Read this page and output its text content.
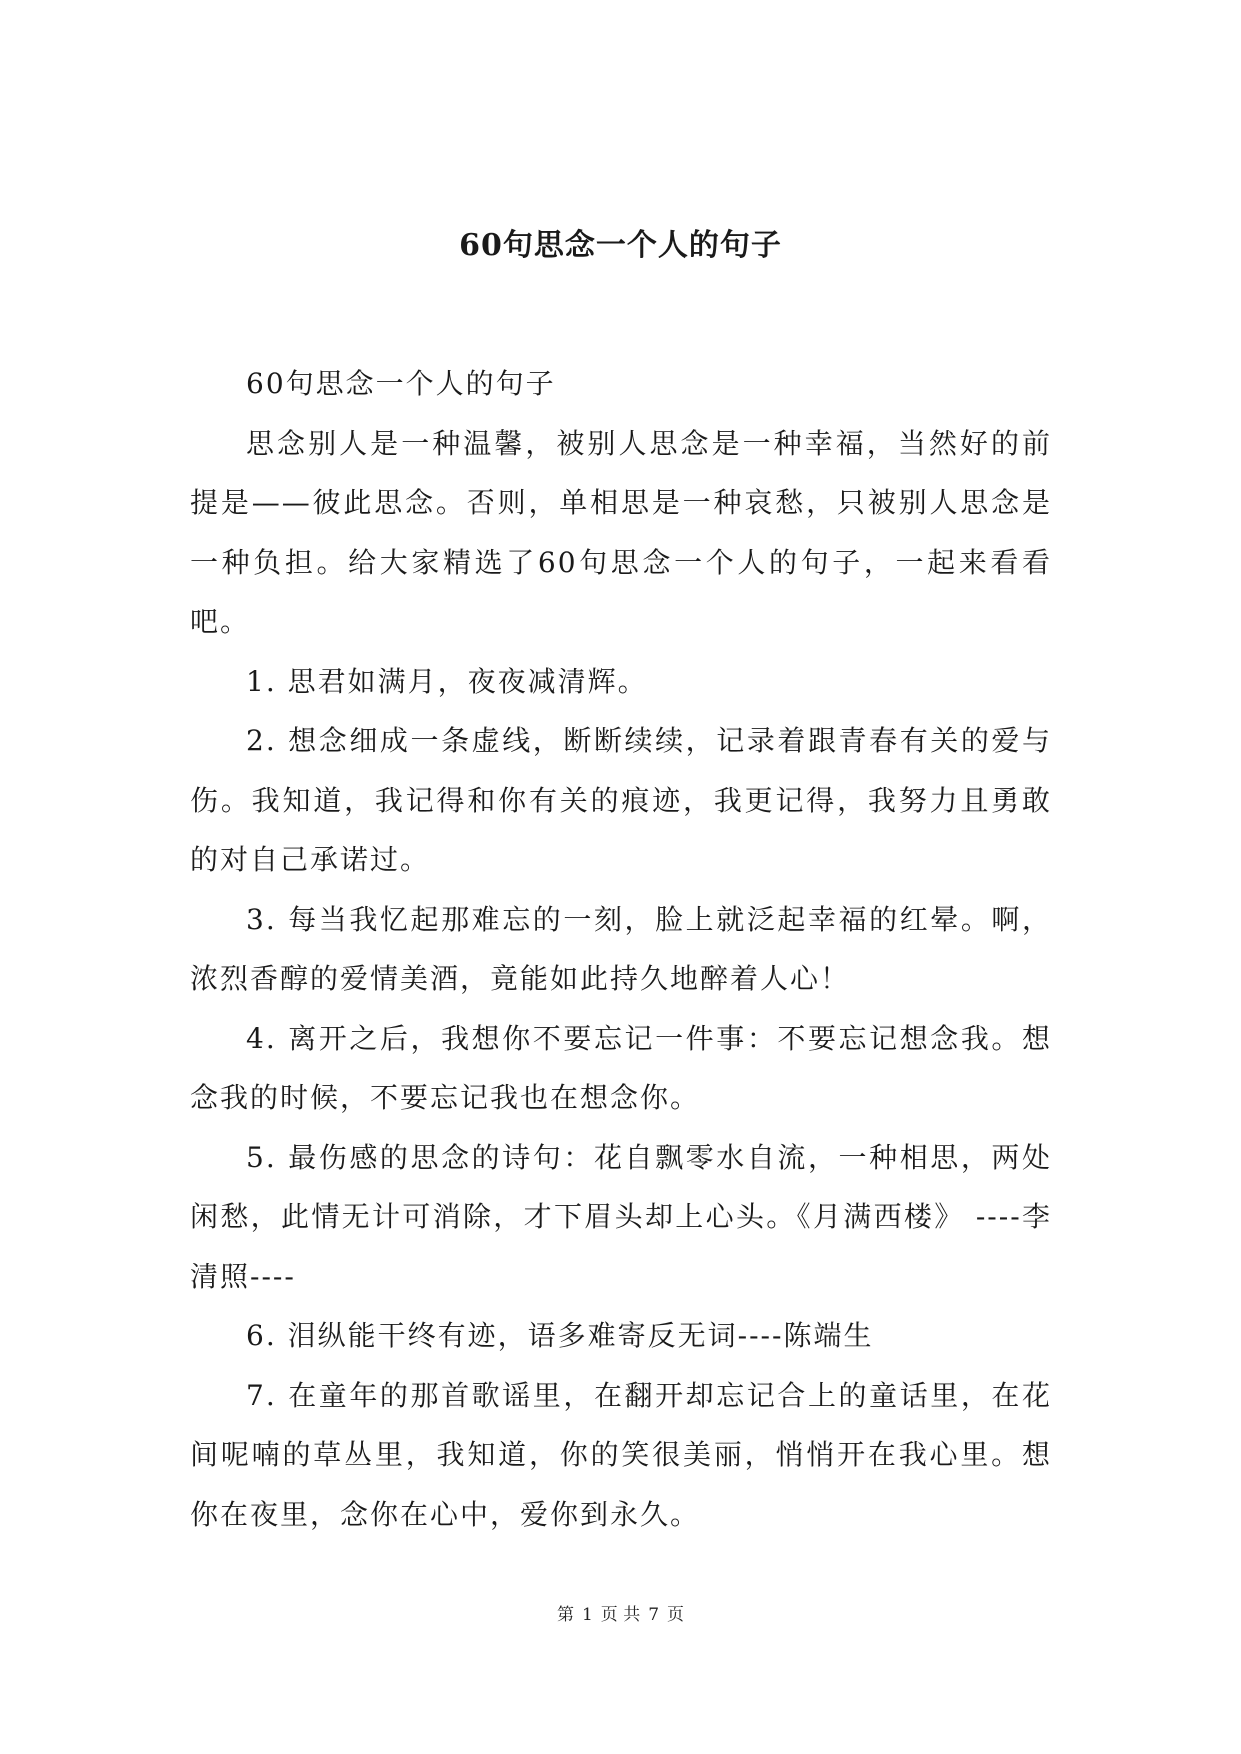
60句思念一个人的句子

60句思念一个人的句子

思念别人是一种温馨，被别人思念是一种幸福，当然好的前提是——彼此思念。否则，单相思是一种哀愁，只被别人思念是一种负担。给大家精选了60句思念一个人的句子，一起来看看吧。

1. 思君如满月，夜夜减清辉。

2. 想念细成一条虚线，断断续续，记录着跟青春有关的爱与伤。我知道，我记得和你有关的痕迹，我更记得，我努力且勇敢的对自己承诺过。

3. 每当我忆起那难忘的一刻，脸上就泛起幸福的红晕。啊，浓烈香醇的爱情美酒，竟能如此持久地醉着人心！

4. 离开之后，我想你不要忘记一件事：不要忘记想念我。想念我的时候，不要忘记我也在想念你。

5. 最伤感的思念的诗句：花自飘零水自流，一种相思，两处闲愁，此情无计可消除，才下眉头却上心头。《月满西楼》 ----李清照----

6. 泪纵能干终有迹，语多难寄反无词----陈端生

7. 在童年的那首歌谣里，在翻开却忘记合上的童话里，在花间呢喃的草丛里，我知道，你的笑很美丽，悄悄开在我心里。想你在夜里，念你在心中，爱你到永久。

第 1 页 共 7 页
